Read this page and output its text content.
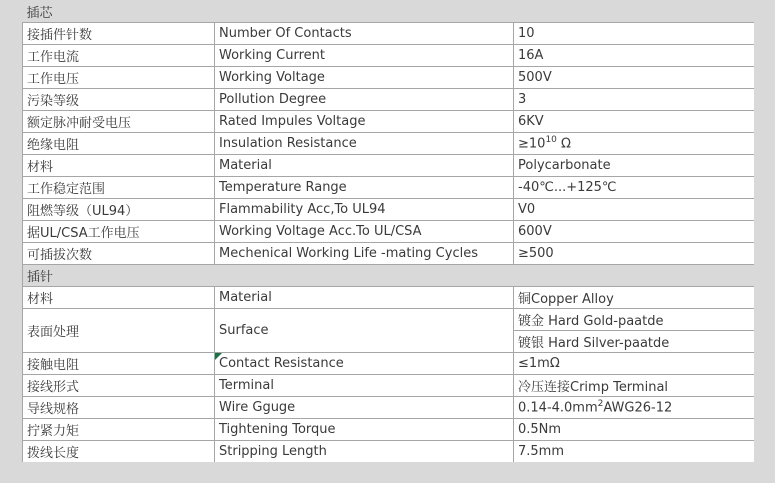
插芯		
接插件针数	Number Of Contacts	10
工作电流	Working Current	16A
工作电压	Working Voltage	500V
污染等级	Pollution Degree	3
额定脉冲耐受电压	Rated Impules Voltage	6KV
绝缘电阻	Insulation Resistance	$\ge 10^{10}$ Ω
材料	Material	Polycarbonate
工作稳定范围	Temperature Range	-40℃...+125℃
阻燃等级（UL94）	Flammability Acc,To UL94	V0
据UL/CSA工作电压	Working Voltage Acc.To UL/CSA	600V
可插拔次数	Mechenical Working Life -mating Cycles	≥500
插针		
材料	Material	铜Copper Alloy
表面处理	Surface	镀金 Hard Gold-paatde
		镀银 Hard Silver-paatde
接触电阻	Contact Resistance	≤1mΩ
接线形式	Terminal	冷压连接Crimp Terminal
导线规格	Wire Gguge	$0.14-4.0mm^2AWG26-12$
拧紧力矩	Tightening Torque	0.5Nm
拨线长度	Stripping Length	7.5mm
